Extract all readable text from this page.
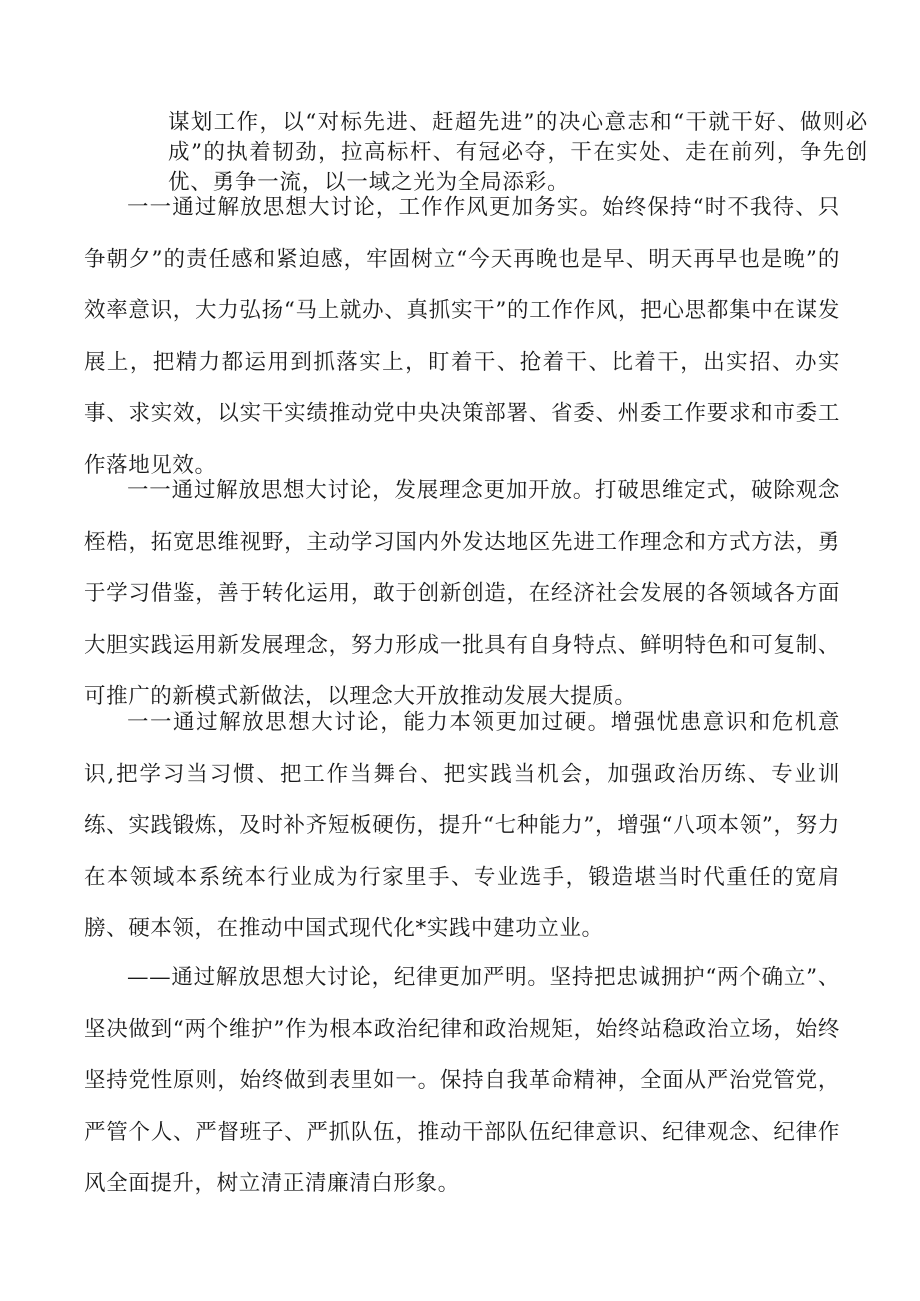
谋划工作，以“对标先进、赶超先进”的决心意志和“干就干好、做则必成”的执着韧劲，拉高标杆、有冠必夺，干在实处、走在前列，争先创优、勇争一流，以一域之光为全局添彩。

一一通过解放思想大讨论，工作作风更加务实。始终保持“时不我待、只争朝夕”的责任感和紧迫感，牢固树立“今天再晚也是早、明天再早也是晚”的效率意识，大力弘扬“马上就办、真抓实干”的工作作风，把心思都集中在谋发展上，把精力都运用到抓落实上，盯着干、抢着干、比着干，出实招、办实事、求实效，以实干实绩推动党中央决策部署、省委、州委工作要求和市委工作落地见效。

一一通过解放思想大讨论，发展理念更加开放。打破思维定式，破除观念桎梏，拓宽思维视野，主动学习国内外发达地区先进工作理念和方式方法，勇于学习借鉴，善于转化运用，敢于创新创造，在经济社会发展的各领域各方面大胆实践运用新发展理念，努力形成一批具有自身特点、鲜明特色和可复制、可推广的新模式新做法，以理念大开放推动发展大提质。

一一通过解放思想大讨论，能力本领更加过硬。增强忧患意识和危机意识,把学习当习惯、把工作当舞台、把实践当机会，加强政治历练、专业训练、实践锻炼，及时补齐短板硬伤，提升“七种能力”，增强“八项本领”，努力在本领域本系统本行业成为行家里手、专业选手，锻造堪当时代重任的宽肩膀、硬本领，在推动中国式现代化*实践中建功立业。

——通过解放思想大讨论，纪律更加严明。坚持把忠诚拥护“两个确立”、坚决做到“两个维护”作为根本政治纪律和政治规矩，始终站稳政治立场，始终坚持党性原则，始终做到表里如一。保持自我革命精神，全面从严治党管党，严管个人、严督班子、严抓队伍，推动干部队伍纪律意识、纪律观念、纪律作风全面提升，树立清正清廉清白形象。
